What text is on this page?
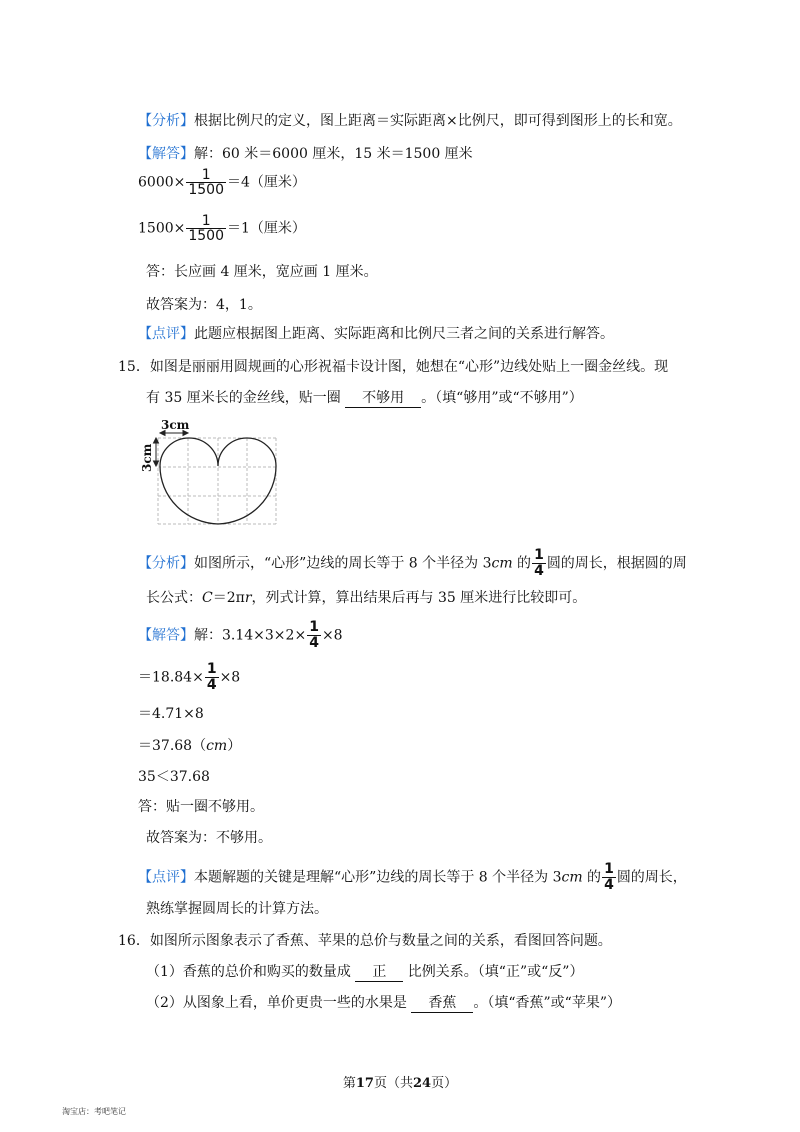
【分析】根据比例尺的定义，图上距离＝实际距离×比例尺，即可得到图形上的长和宽。
【解答】解：60 米＝6000 厘米，15 米＝1500 厘米
$6000\times \frac{1}{1500} =4$（厘米）
$1500\times \frac{1}{1500} =1$（厘米）
答：长应画 4 厘米，宽应画 1 厘米。
故答案为：4，1。
【点评】此题应根据图上距离、实际距离和比例尺三者之间的关系进行解答。
15．如图是丽丽用圆规画的心形祝福卡设计图，她想在“心形”边线处贴上一圈金丝线。现
有 35 厘米长的金丝线，贴一圈 不够用 。（填“够用”或“不够用”）
3cm
3cm
【分析】如图所示，“心形”边线的周长等于 8 个半径为 3cm 的 $\frac{1}{4}$ 圆的周长，根据圆的周
长公式：C＝2πr，列式计算，算出结果后再与 35 厘米进行比较即可。
【解答】解：$3.14\times 3\times 2\times \frac{1}{4} \times 8$
$=18.84\times \frac{1}{4} \times 8$
＝4.71×8
＝37.68（cm）
35＜37.68
答：贴一圈不够用。
故答案为：不够用。
【点评】本题解题的关键是理解“心形”边线的周长等于 8 个半径为 3cm 的 $\frac{1}{4}$ 圆的周长，
熟练掌握圆周长的计算方法。
16．如图所示图象表示了香蕉、苹果的总价与数量之间的关系，看图回答问题。
（1）香蕉的总价和购买的数量成 正 比例关系。（填“正”或“反”）
（2）从图象上看，单价更贵一些的水果是 香蕉 。（填“香蕉”或“苹果”）
第17页（共24页）
淘宝店：考吧笔记
